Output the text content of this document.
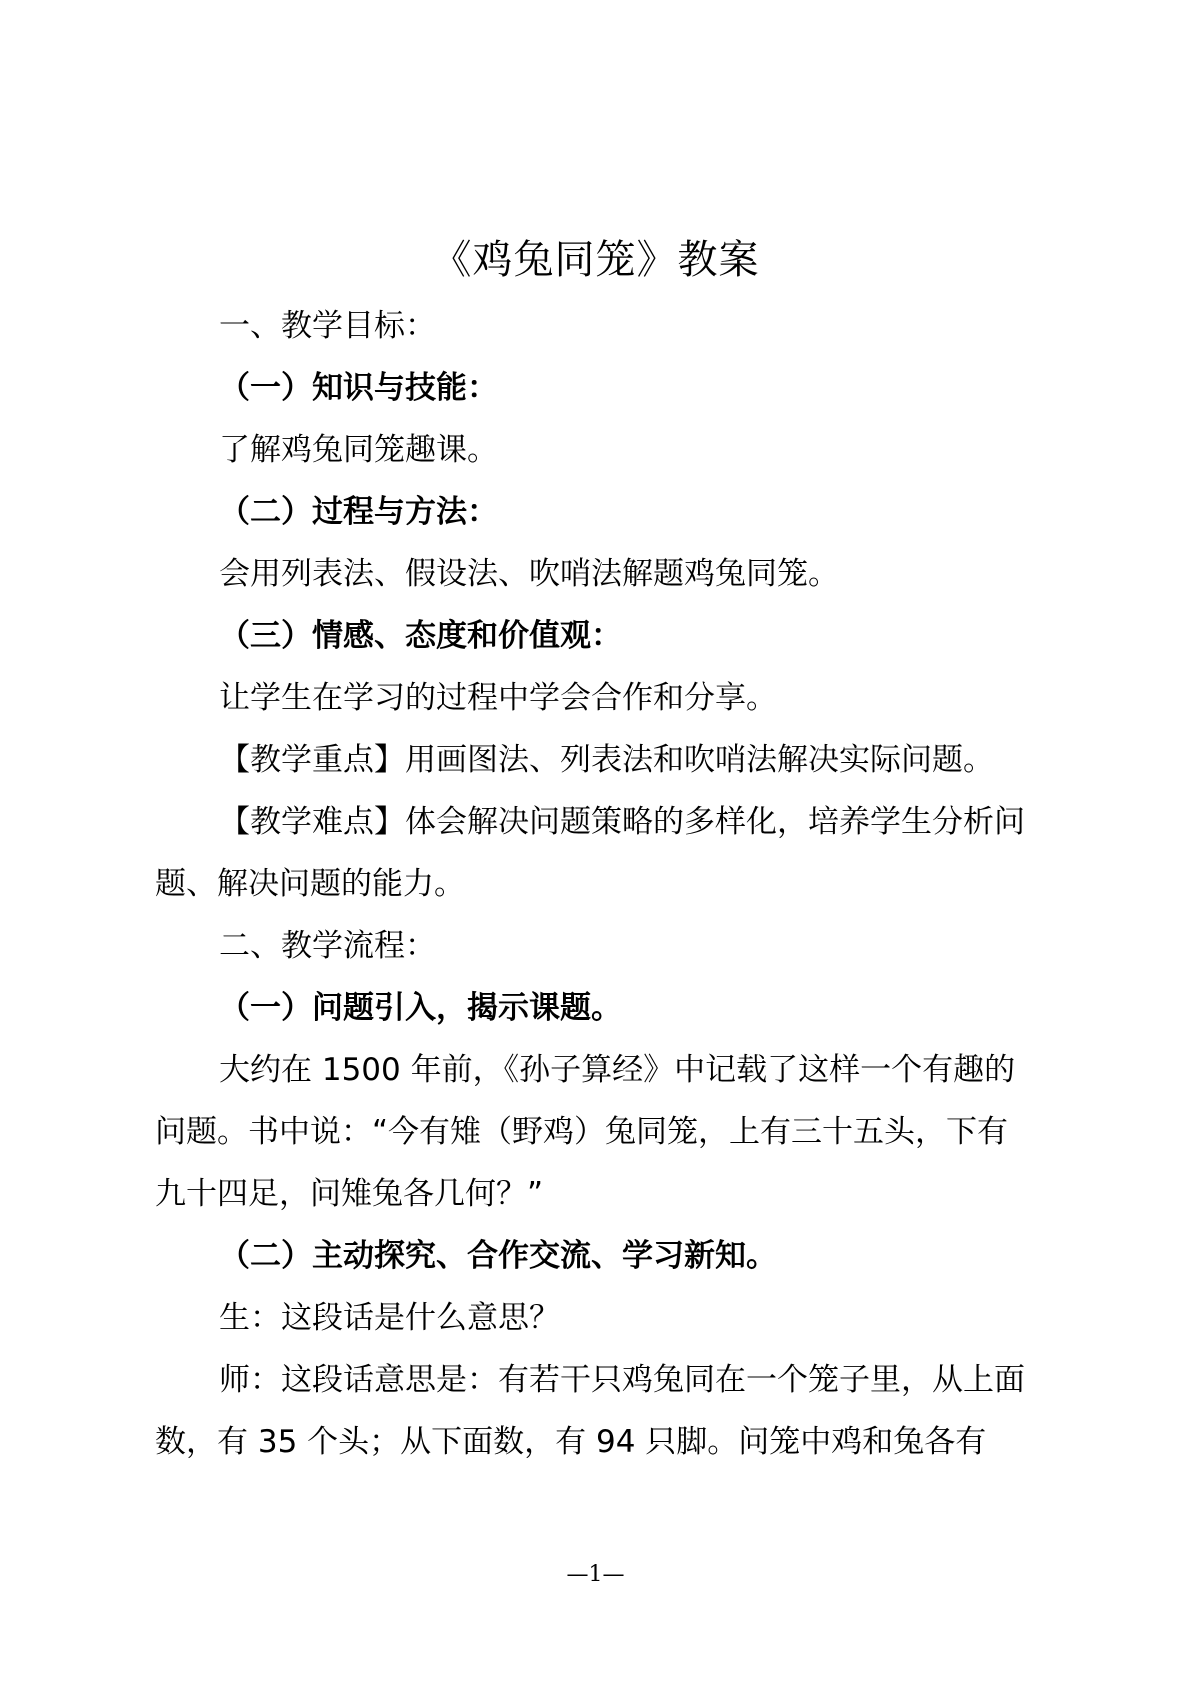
《鸡兔同笼》教案

一、教学目标：

（一）知识与技能：

了解鸡兔同笼趣课。

（二）过程与方法：

会用列表法、假设法、吹哨法解题鸡兔同笼。

（三）情感、态度和价值观：

让学生在学习的过程中学会合作和分享。

【教学重点】用画图法、列表法和吹哨法解决实际问题。

【教学难点】体会解决问题策略的多样化，培养学生分析问题、解决问题的能力。

二、教学流程：

（一）问题引入，揭示课题。

大约在 1500 年前，《孙子算经》中记载了这样一个有趣的问题。书中说：“今有雉（野鸡）兔同笼，上有三十五头，下有九十四足，问雉兔各几何？”

（二）主动探究、合作交流、学习新知。

生：这段话是什么意思？

师：这段话意思是：有若干只鸡兔同在一个笼子里，从上面数，有 35 个头；从下面数，有 94 只脚。问笼中鸡和兔各有

—1—
